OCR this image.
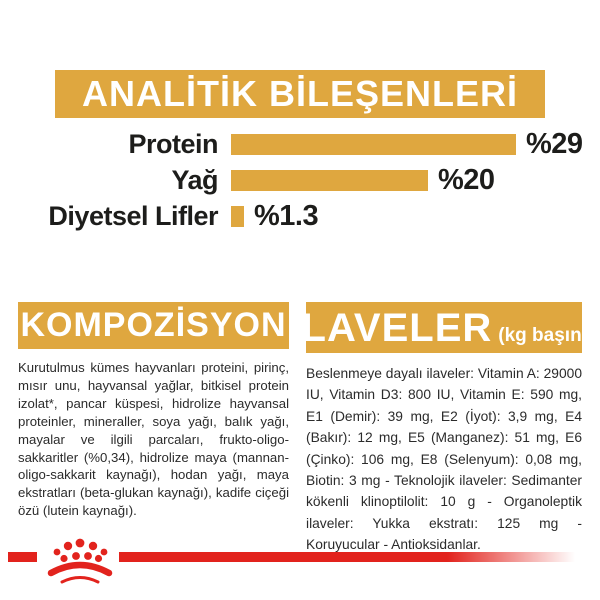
ANALİTİK BİLEŞENLERİ
Protein	%29
Yağ	%20
Diyetsel Lifler %1.3
KOMPOZİSYON

Kurutulmus kümes hayvanları proteini, pirinç, mısır unu, hayvansal yağlar, bitkisel protein izolat*, pancar küspesi, hidrolize hayvansal proteinler, mineraller, soya yağı, balık yağı, mayalar ve ilgili parcaları, frukto-oligo-sakkaritler (%0,34), hidrolize maya (mannan-oligo-sakkarit kaynağı), hodan yağı, maya ekstratları (beta-glukan kaynağı), kadife ciçeği özü (lutein kaynağı).

İLAVELER (kg başına)

Beslenmeye dayalı ilaveler: Vitamin A: 29000 IU, Vitamin D3: 800 IU, Vitamin E: 590 mg, E1 (Demir): 39 mg, E2 (İyot): 3,9 mg, E4 (Bakır): 12 mg, E5 (Manganez): 51 mg, E6 (Çinko): 106 mg, E8 (Selenyum): 0,08 mg, Biotin: 3 mg - Teknolojik ilaveler: Sedimanter kökenli klinoptilolit: 10 g - Organoleptik ilaveler: Yukka ekstratı: 125 mg - Koruyucular - Antioksidanlar.
